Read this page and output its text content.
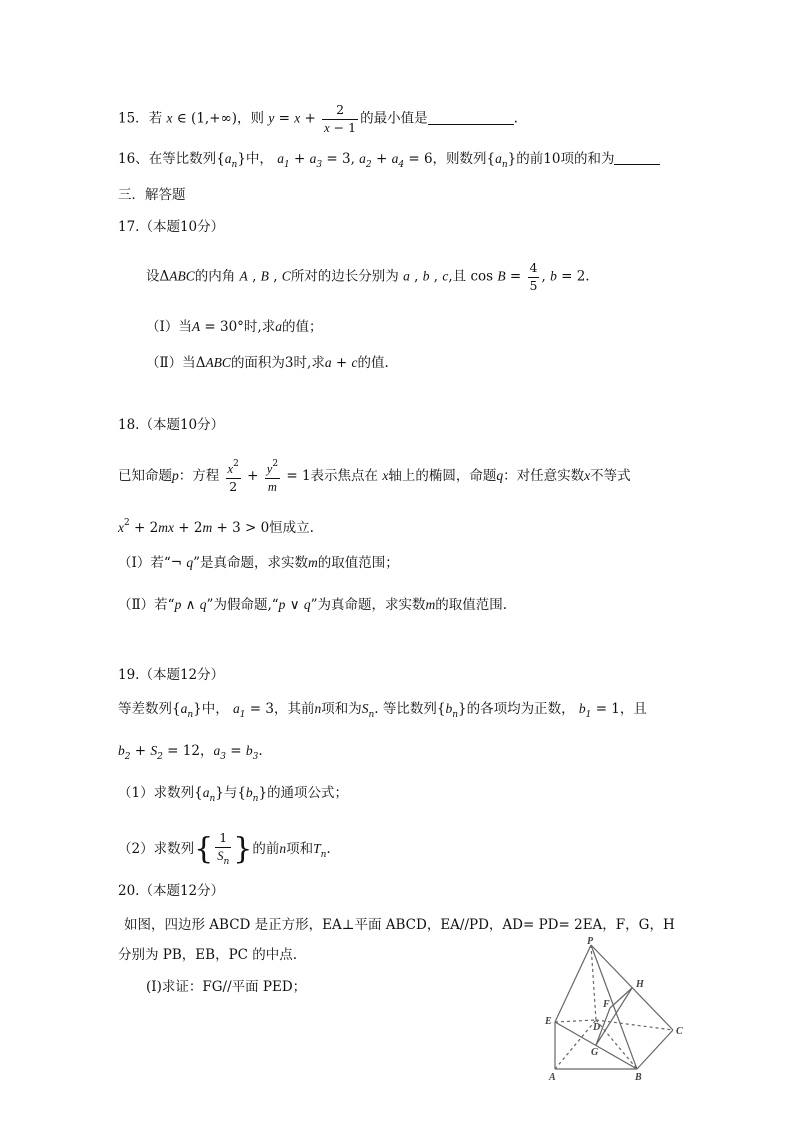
15．若 x ∈ (1,+∞)，则 $y = x + \frac{2}{x - 1}$ 的最小值是	.
16、在等比数列$\{a_n\}$中， $a_1 + a_3 = 3$, $a_2 + a_4 = 6$，则数列$\{a_n\}$的前10项的和为
三．解答题
17.（本题10分）
设ΔABC的内角 A , B , C所对的边长分别为 a , b , c,且 $\cos B = \frac{4}{5}$ , b = 2.
（Ⅰ）当A = 30°时,求a的值；
（Ⅱ）当ΔABC的面积为3时,求a + c的值.
18.（本题10分）
已知命题p：方程 $\frac{x^2}{2} + \frac{y^2}{m} = 1$表示焦点在 x轴上的椭圆，命题q：对任意实数x不等式
$x^2 + 2mx + 2m + 3 > 0$恒成立.
（Ⅰ）若“¬ q”是真命题，求实数m的取值范围；
（Ⅱ）若“p ∧ q”为假命题,“p ∨ q”为真命题，求实数m的取值范围.
19.（本题12分）
等差数列$\{a_n\}$中， $a_1 = 3$，其前n项和为$S_n$. 等比数列$\{b_n\}$的各项均为正数， $b_1 = 1$，且
$b_2 + S_2 = 12$，$a_3 = b_3$.
（1）求数列$\{a_n\}$与$\{b_n\}$的通项公式；
（2）求数列{ $\frac{1}{S_n}$ }的前n项和$T_n$.
20.（本题12分）
如图，四边形 ABCD 是正方形，EA⊥平面 ABCD，EA//PD，AD= PD= 2EA，F，G，H
分别为 PB，EB，PC 的中点.
(Ⅰ)求证：FG//平面 PED；
P
H
F
E
D	C
G
A	B
